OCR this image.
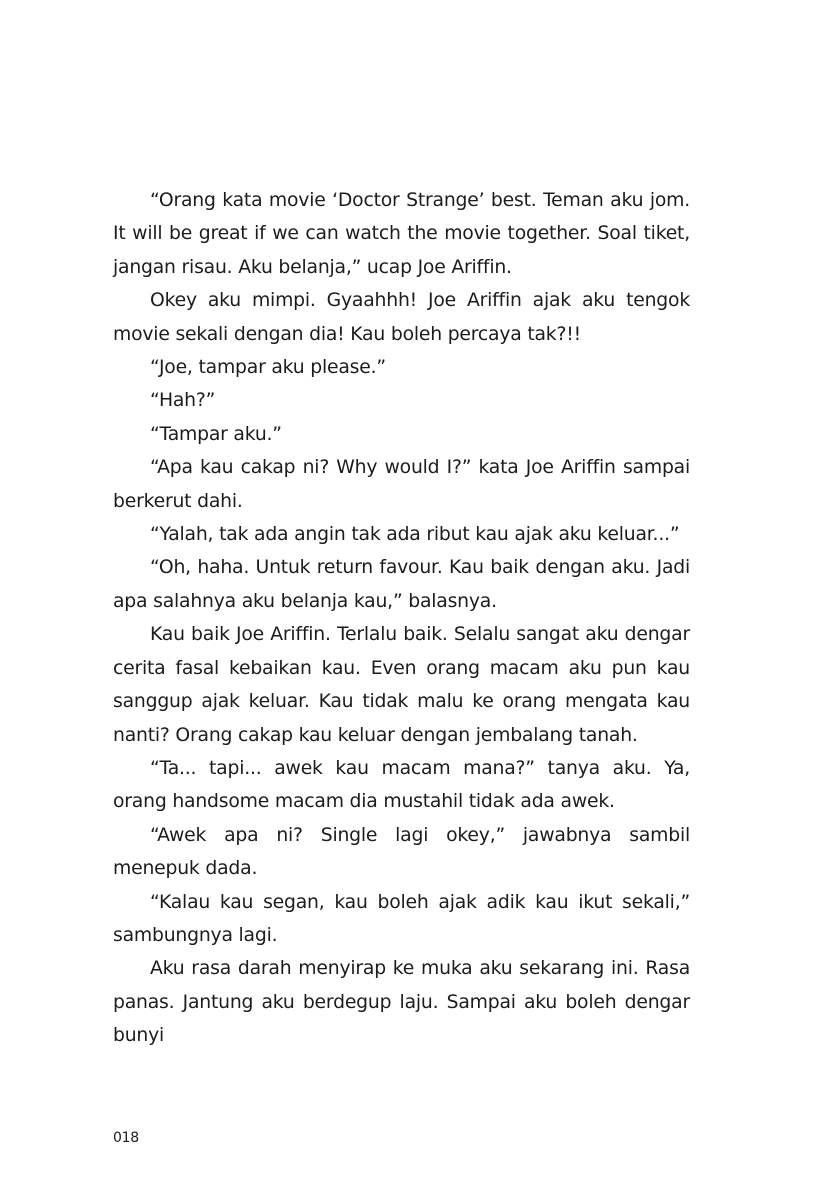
“Orang kata movie ‘Doctor Strange’ best. Teman aku jom. It will be great if we can watch the movie together. Soal tiket, jangan risau. Aku belanja,” ucap Joe Ariffin.

Okey aku mimpi. Gyaahhh! Joe Ariffin ajak aku tengok movie sekali dengan dia! Kau boleh percaya tak?!!

“Joe, tampar aku please.”

“Hah?”

“Tampar aku.”

“Apa kau cakap ni? Why would I?” kata Joe Ariffin sampai berkerut dahi.

“Yalah, tak ada angin tak ada ribut kau ajak aku keluar...”

“Oh, haha. Untuk return favour. Kau baik dengan aku. Jadi apa salahnya aku belanja kau,” balasnya.

Kau baik Joe Ariffin. Terlalu baik. Selalu sangat aku dengar cerita fasal kebaikan kau. Even orang macam aku pun kau sanggup ajak keluar. Kau tidak malu ke orang mengata kau nanti? Orang cakap kau keluar dengan jembalang tanah.

“Ta... tapi... awek kau macam mana?” tanya aku. Ya, orang handsome macam dia mustahil tidak ada awek.

“Awek apa ni? Single lagi okey,” jawabnya sambil menepuk dada.

“Kalau kau segan, kau boleh ajak adik kau ikut sekali,” sambungnya lagi.

Aku rasa darah menyirap ke muka aku sekarang ini. Rasa panas. Jantung aku berdegup laju. Sampai aku boleh dengar bunyi

018
